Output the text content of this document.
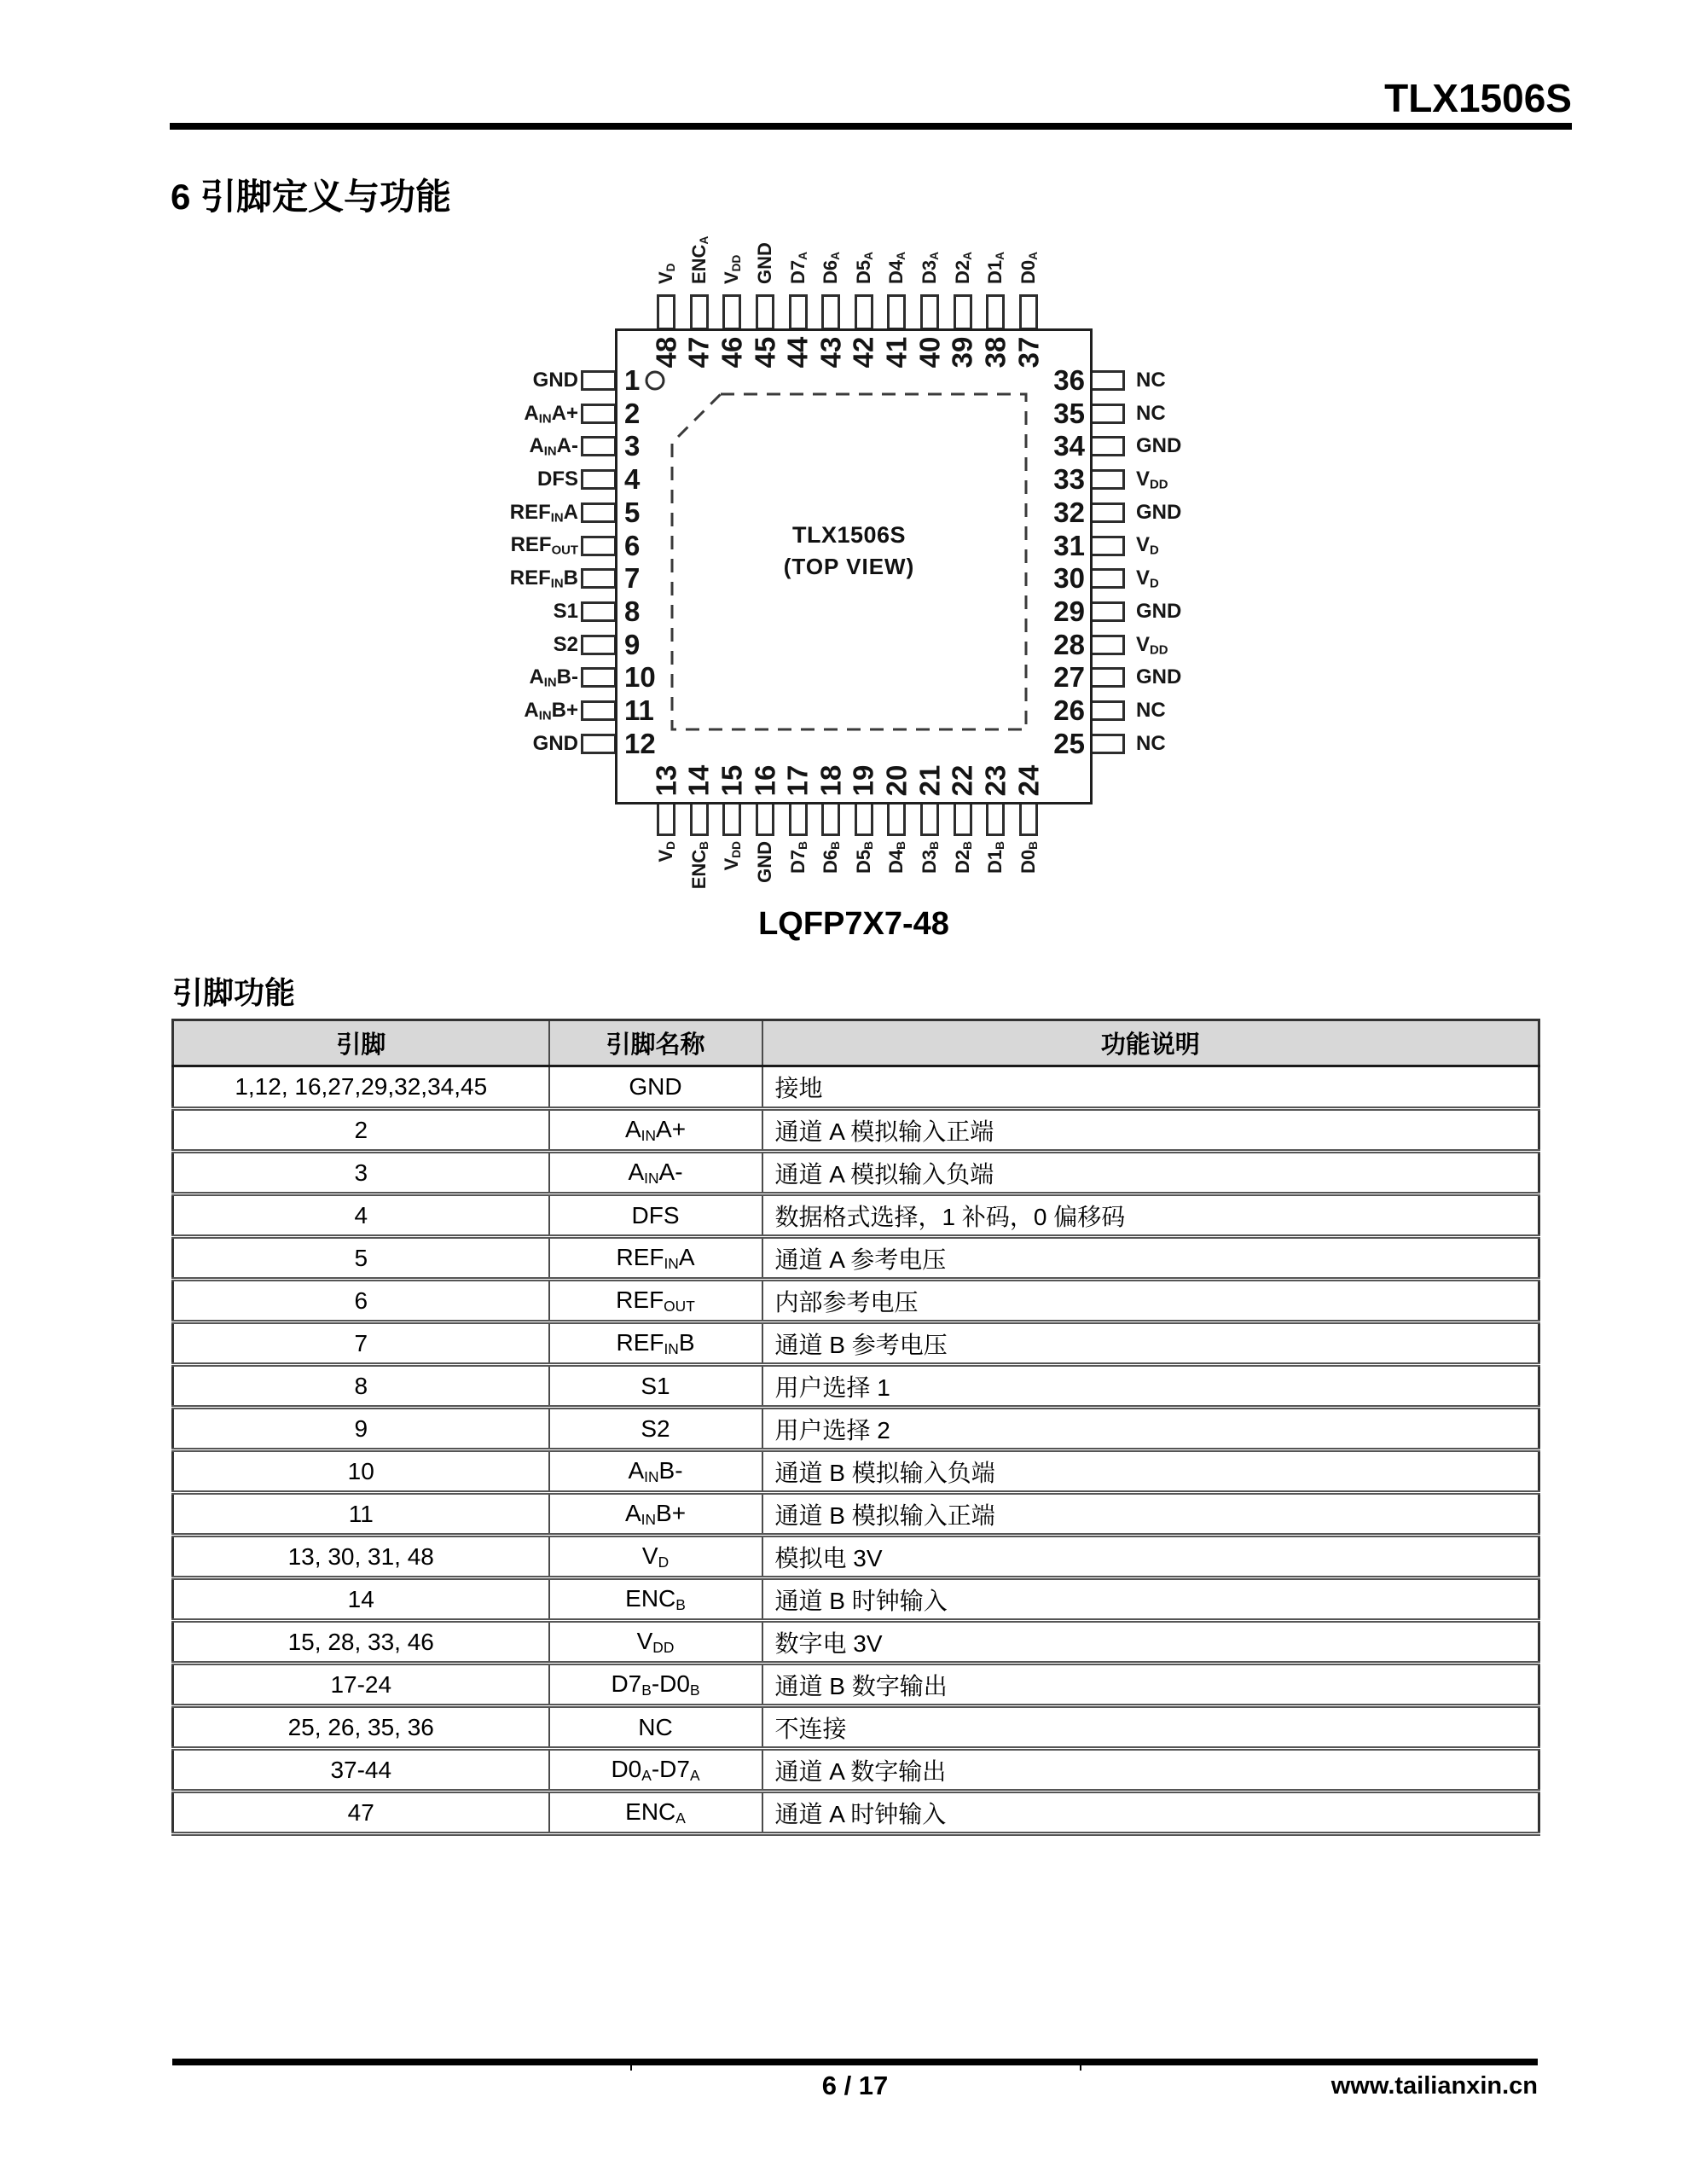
TLX1506S
6 引脚定义与功能
$V_D$ $ENC_A$
$V_{DD}$ GND $D7_A$
$D6_A$
$D5_A$
$D4_A$
$D3_A$
$D2_A$
$D1_A$
$D0_A$
$V_D$
$ENC_B$
$V_{DD}$ GND $D7_B$
$D6_B$
$D5_B$
$D4_B$
$D3_B$
$D2_B$
$D1_B$
$D0_B$
GND
$A_{IN}A+$
$A_{IN}A-$
DFS
$REF_{IN}A$
$REF_{OUT}$
$REF_{IN}B$
S1
S2
$A_{IN}B-$
$A_{IN}B+$
GND
NC
NC
GND
$V_{DD}$
GND
$V_D$
$V_D$
GND
$V_{DD}$
GND
NC
NC
48 47 46 45 44 43 42 41 40 39 38 37
13 14 15 16 17 18 19 20 21 22 23 24
1
2
3
4
5
6
7
8
9
10
11
12
36
35
34
33
32
31
30
29
28
27
26
25
TLX1506S
(TOP VIEW)
LQFP7X7-48
引脚功能
引脚	引脚名称	功能说明
1,12, 16,27,29,32,34,45	GND	接地
2	$A_{IN}A+$	通道 A 模拟输入正端
3	$A_{IN}A-$	通道 A 模拟输入负端
4	DFS	数据格式选择，1 补码，0 偏移码
5	$REF_{IN}A$	通道 A 参考电压
6	$REF_{OUT}$	内部参考电压
7	$REF_{IN}B$	通道 B 参考电压
8	S1	用户选择 1
9	S2	用户选择 2
10	$A_{IN}B-$	通道 B 模拟输入负端
11	$A_{IN}B+$	通道 B 模拟输入正端
13, 30, 31, 48	$V_D$	模拟电 3V
14	$ENC_B$	通道 B 时钟输入
15, 28, 33, 46	$V_{DD}$	数字电 3V
17-24	$D7_B-D0_B$	通道 B 数字输出
25, 26, 35, 36	NC	不连接
37-44	$D0_A-D7_A$	通道 A 数字输出
47	$ENC_A$	通道 A 时钟输入
6 / 17	www.tailianxin.cn
